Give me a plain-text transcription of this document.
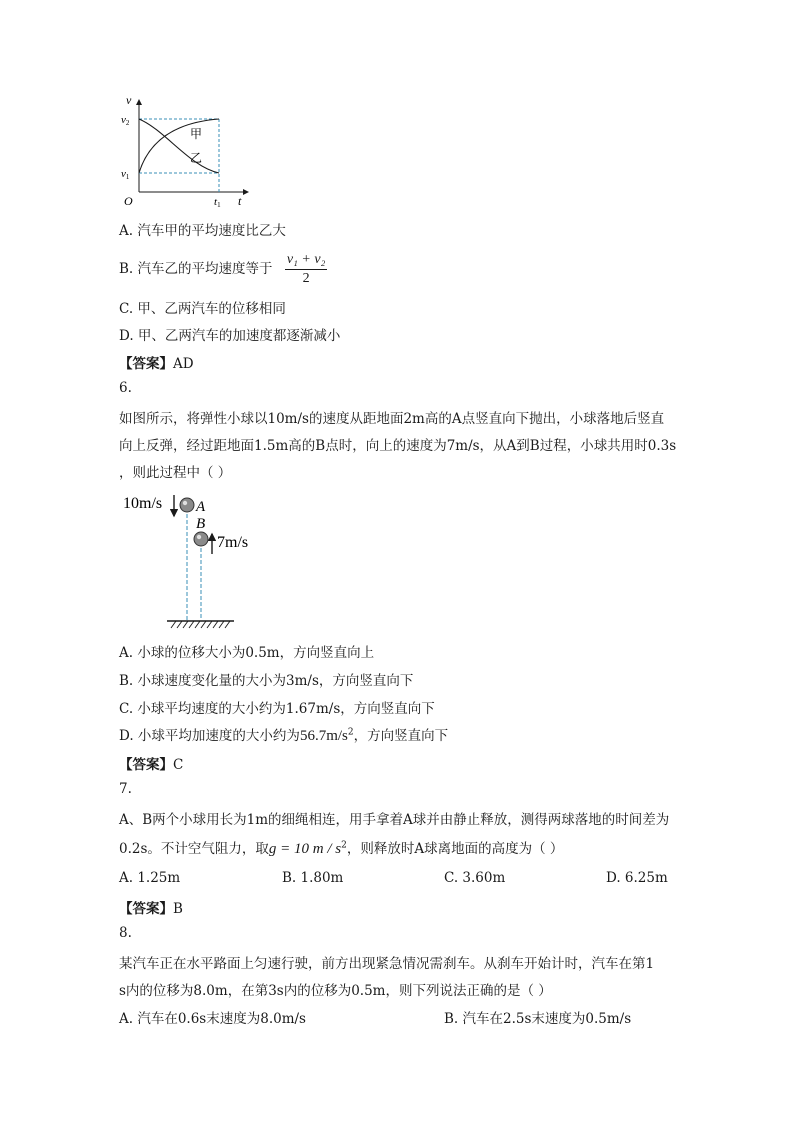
v
v2
v1
O	t1 t
甲
乙
A. 汽车甲的平均速度比乙大
B. 汽车乙的平均速度等于 $\frac{\text{v₁ + v₂}}{2}$
C. 甲、乙两汽车的位移相同
D. 甲、乙两汽车的加速度都逐渐减小
【答案】AD
6.
如图所示，将弹性小球以10m/s的速度从距地面2m高的A点竖直向下抛出，小球落地后竖直
向上反弹，经过距地面1.5m高的B点时，向上的速度为7m/s，从A到B过程，小球共用时0.3s
，则此过程中（ ）
10m/s A
B
7m/s
A. 小球的位移大小为0.5m，方向竖直向上
B. 小球速度变化量的大小为3m/s，方向竖直向下
C. 小球平均速度的大小约为1.67m/s，方向竖直向下
D. 小球平均加速度的大小约为$56.7m/s^2$，方向竖直向下
【答案】C
7.
A、B两个小球用长为1m的细绳相连，用手拿着A球并由静止释放，测得两球落地的时间差为
0.2s。不计空气阻力，取g = 10 m / $s^2$，则释放时A球离地面的高度为（ ）
A. 1.25m	B. 1.80m	C. 3.60m	D. 6.25m
【答案】B
8.
某汽车正在水平路面上匀速行驶，前方出现紧急情况需刹车。从刹车开始计时，汽车在第1
s内的位移为8.0m，在第3s内的位移为0.5m，则下列说法正确的是（ ）
A. 汽车在0.6s末速度为8.0m/s	B. 汽车在2.5s末速度为0.5m/s
